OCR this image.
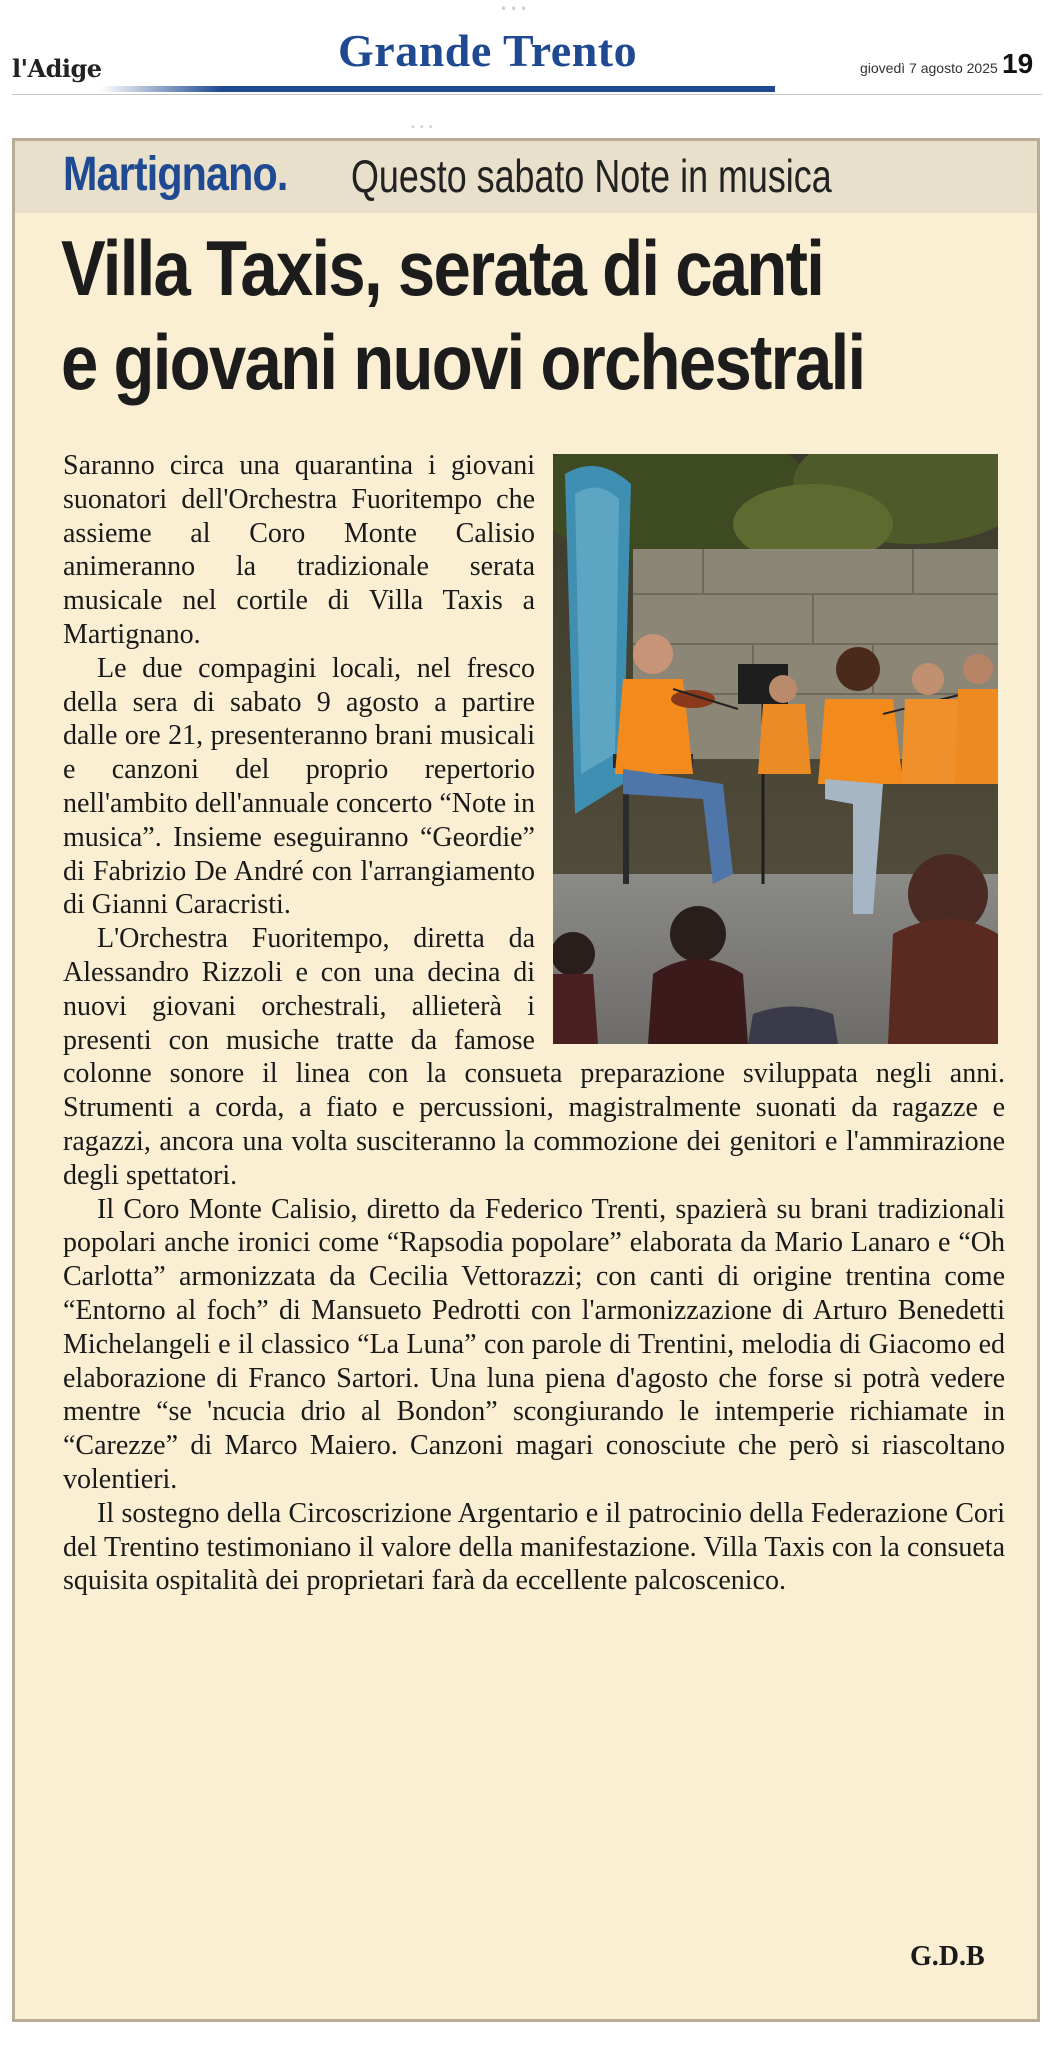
•••
l'Adige	Grande Trento	giovedì 7 agosto 2025 19
•••
Martignano. Questo sabato Note in musica
Villa Taxis, serata di canti
e giovani nuovi orchestrali

Saranno circa una quarantina i giovani suonatori dell'Orchestra Fuoritempo che assieme al Coro Monte Calisio animeranno la tradizionale serata musicale nel cortile di Villa Taxis a Martignano.

Le due compagini locali, nel fresco della sera di sabato 9 agosto a partire dalle ore 21, presenteranno brani musicali e canzoni del proprio repertorio nell'ambito dell'annuale concerto “Note in musica”. Insieme eseguiranno “Geordie” di Fabrizio De André con l'arrangiamento di Gianni Caracristi.

L'Orchestra Fuoritempo, diretta da Alessandro Rizzoli e con una decina di nuovi giovani orchestrali, allieterà i presenti con musiche tratte da famose colonne sonore il linea con la consueta preparazione sviluppata negli anni. Strumenti a corda, a fiato e percussioni, magistralmente suonati da ragazze e ragazzi, ancora una volta susciteranno la commozione dei genitori e l'ammirazione degli spettatori.

Il Coro Monte Calisio, diretto da Federico Trenti, spazierà su brani tradizionali popolari anche ironici come “Rapsodia popolare” elaborata da Mario Lanaro e “Oh Carlotta” armonizzata da Cecilia Vettorazzi; con canti di origine trentina come “Entorno al foch” di Mansueto Pedrotti con l'armonizzazione di Arturo Benedetti Michelangeli e il classico “La Luna” con parole di Trentini, melodia di Giacomo ed elaborazione di Franco Sartori. Una luna piena d'agosto che forse si potrà vedere mentre “se 'ncucia drio al Bondon” scongiurando le intemperie richiamate in “Carezze” di Marco Maiero. Canzoni magari conosciute che però si riascoltano volentieri.

Il sostegno della Circoscrizione Argentario e il patrocinio della Federazione Cori del Trentino testimoniano il valore della manifestazione. Villa Taxis con la consueta squisita ospitalità dei proprietari farà da eccellente palcoscenico.

G.D.B
